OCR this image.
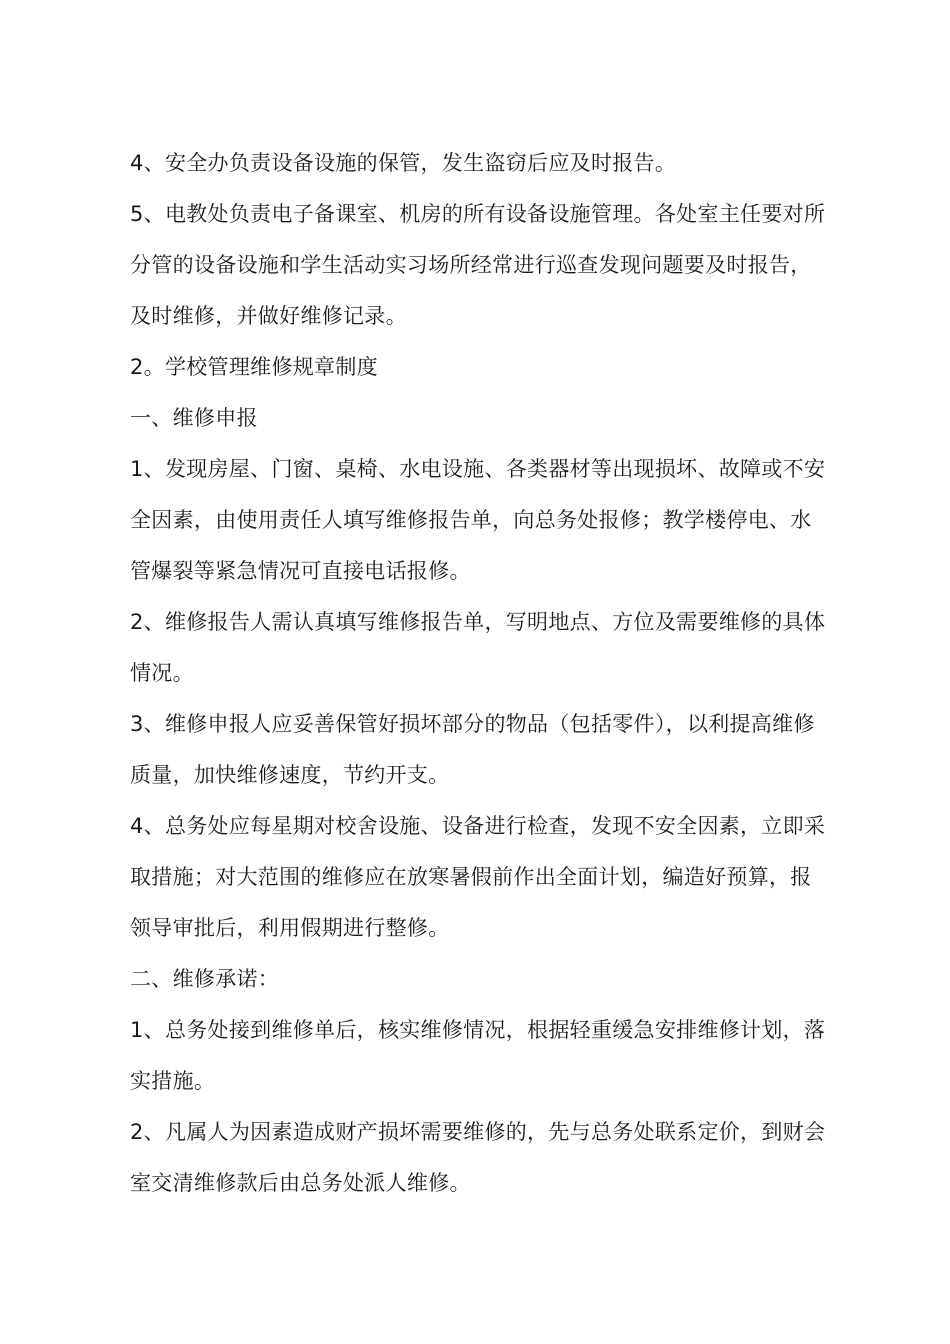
4、安全办负责设备设施的保管，发生盗窃后应及时报告。

5、电教处负责电子备课室、机房的所有设备设施管理。各处室主任要对所分管的设备设施和学生活动实习场所经常进行巡查发现问题要及时报告，及时维修，并做好维修记录。

2。学校管理维修规章制度

一、维修申报

1、发现房屋、门窗、桌椅、水电设施、各类器材等出现损坏、故障或不安全因素，由使用责任人填写维修报告单，向总务处报修；教学楼停电、水管爆裂等紧急情况可直接电话报修。

2、维修报告人需认真填写维修报告单，写明地点、方位及需要维修的具体情况。

3、维修申报人应妥善保管好损坏部分的物品（包括零件），以利提高维修质量，加快维修速度，节约开支。

4、总务处应每星期对校舍设施、设备进行检查，发现不安全因素，立即采取措施；对大范围的维修应在放寒暑假前作出全面计划，编造好预算，报领导审批后，利用假期进行整修。

二、维修承诺：

1、总务处接到维修单后，核实维修情况，根据轻重缓急安排维修计划，落实措施。

2、凡属人为因素造成财产损坏需要维修的，先与总务处联系定价，到财会室交清维修款后由总务处派人维修。
